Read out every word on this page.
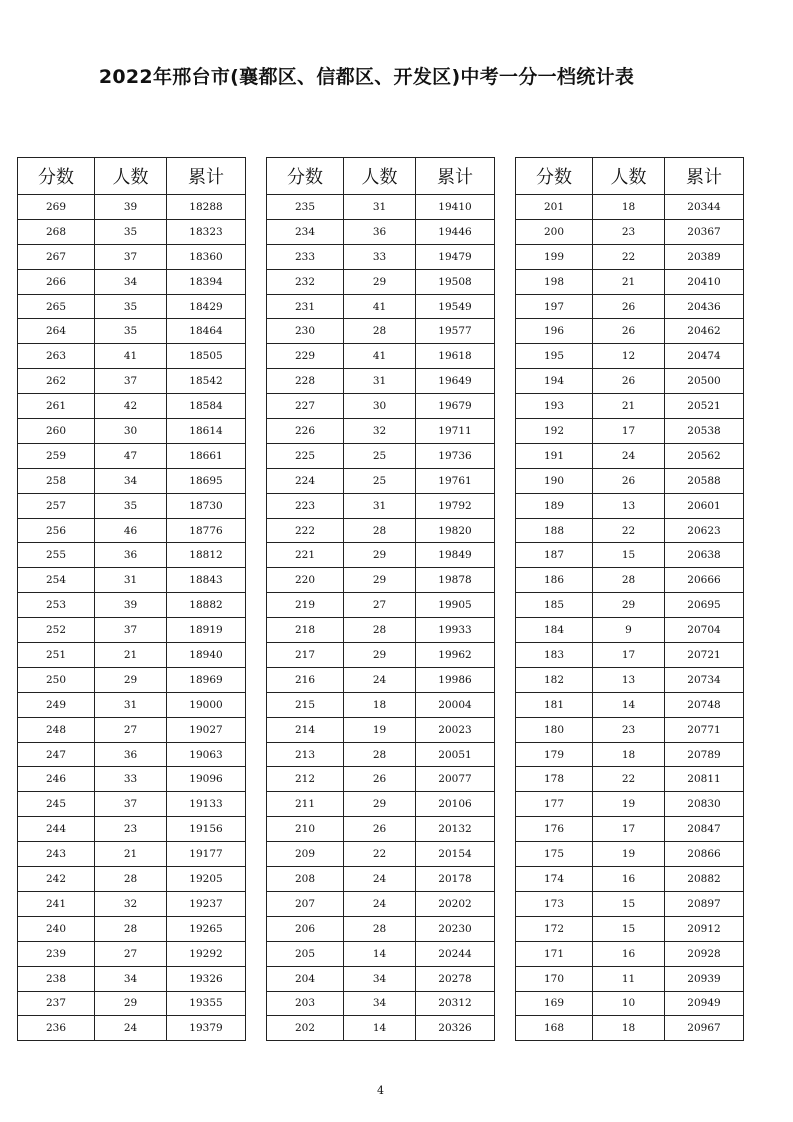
2022年邢台市(襄都区、信都区、开发区)中考一分一档统计表
分数	人数	累计
269	39	18288
268	35	18323
267	37	18360
266	34	18394
265	35	18429
264	35	18464
263	41	18505
262	37	18542
261	42	18584
260	30	18614
259	47	18661
258	34	18695
257	35	18730
256	46	18776
255	36	18812
254	31	18843
253	39	18882
252	37	18919
251	21	18940
250	29	18969
249	31	19000
248	27	19027
247	36	19063
246	33	19096
245	37	19133
244	23	19156
243	21	19177
242	28	19205
241	32	19237
240	28	19265
239	27	19292
238	34	19326
237	29	19355
236	24	19379
分数	人数	累计
235	31	19410
234	36	19446
233	33	19479
232	29	19508
231	41	19549
230	28	19577
229	41	19618
228	31	19649
227	30	19679
226	32	19711
225	25	19736
224	25	19761
223	31	19792
222	28	19820
221	29	19849
220	29	19878
219	27	19905
218	28	19933
217	29	19962
216	24	19986
215	18	20004
214	19	20023
213	28	20051
212	26	20077
211	29	20106
210	26	20132
209	22	20154
208	24	20178
207	24	20202
206	28	20230
205	14	20244
204	34	20278
203	34	20312
202	14	20326
分数	人数	累计
201	18	20344
200	23	20367
199	22	20389
198	21	20410
197	26	20436
196	26	20462
195	12	20474
194	26	20500
193	21	20521
192	17	20538
191	24	20562
190	26	20588
189	13	20601
188	22	20623
187	15	20638
186	28	20666
185	29	20695
184	9	20704
183	17	20721
182	13	20734
181	14	20748
180	23	20771
179	18	20789
178	22	20811
177	19	20830
176	17	20847
175	19	20866
174	16	20882
173	15	20897
172	15	20912
171	16	20928
170	11	20939
169	10	20949
168	18	20967
4
